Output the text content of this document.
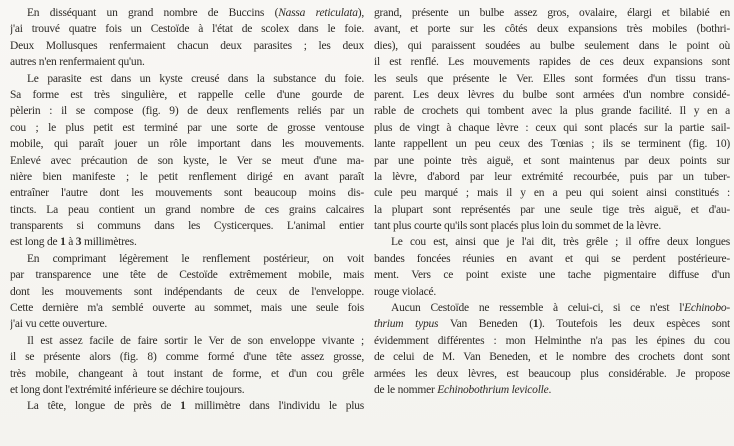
En disséquant un grand nombre de Buccins (Nassa reticulata),
j'ai trouvé quatre fois un Cestoïde à l'état de scolex dans le foie.
Deux Mollusques renfermaient chacun deux parasites ; les deux
autres n'en renfermaient qu'un.
Le parasite est dans un kyste creusé dans la substance du foie.
Sa forme est très singulière, et rappelle celle d'une gourde de
pèlerin : il se compose (fig. 9) de deux renflements reliés par un
cou ; le plus petit est terminé par une sorte de grosse ventouse
mobile, qui paraît jouer un rôle important dans les mouvements.
Enlevé avec précaution de son kyste, le Ver se meut d'une ma-
nière bien manifeste ; le petit renflement dirigé en avant paraît
entraîner l'autre dont les mouvements sont beaucoup moins dis-
tincts. La peau contient un grand nombre de ces grains calcaires
transparents si communs dans les Cysticerques. L'animal entier
est long de 1 à 3 millimètres.
En comprimant légèrement le renflement postérieur, on voit
par transparence une tête de Cestoïde extrêmement mobile, mais
dont les mouvements sont indépendants de ceux de l'enveloppe.
Cette dernière m'a semblé ouverte au sommet, mais une seule fois
j'ai vu cette ouverture.
Il est assez facile de faire sortir le Ver de son enveloppe vivante ;
il se présente alors (fig. 8) comme formé d'une tête assez grosse,
très mobile, changeant à tout instant de forme, et d'un cou grêle
et long dont l'extrémité inférieure se déchire toujours.
La tête, longue de près de 1 millimètre dans l'individu le plus
grand, présente un bulbe assez gros, ovalaire, élargi et bilabié en
avant, et porte sur les côtés deux expansions très mobiles (bothri-
dies), qui paraissent soudées au bulbe seulement dans le point où
il est renflé. Les mouvements rapides de ces deux expansions sont
les seuls que présente le Ver. Elles sont formées d'un tissu trans-
parent. Les deux lèvres du bulbe sont armées d'un nombre considé-
rable de crochets qui tombent avec la plus grande facilité. Il y en a
plus de vingt à chaque lèvre : ceux qui sont placés sur la partie sail-
lante rappellent un peu ceux des Tœnias ; ils se terminent (fig. 10)
par une pointe très aiguë, et sont maintenus par deux points sur
la lèvre, d'abord par leur extrémité recourbée, puis par un tuber-
cule peu marqué ; mais il y en a peu qui soient ainsi constitués :
la plupart sont représentés par une seule tige très aiguë, et d'au-
tant plus courte qu'ils sont placés plus loin du sommet de la lèvre.
Le cou est, ainsi que je l'ai dit, très grêle ; il offre deux longues
bandes foncées réunies en avant et qui se perdent postérieure-
ment. Vers ce point existe une tache pigmentaire diffuse d'un
rouge violacé.
Aucun Cestoïde ne ressemble à celui-ci, si ce n'est l'Echinobo-
thrium typus Van Beneden (1). Toutefois les deux espèces sont
évidemment différentes : mon Helminthe n'a pas les épines du cou
de celui de M. Van Beneden, et le nombre des crochets dont sont
armées les deux lèvres, est beaucoup plus considérable. Je propose
de le nommer Echinobothrium levicolle.
